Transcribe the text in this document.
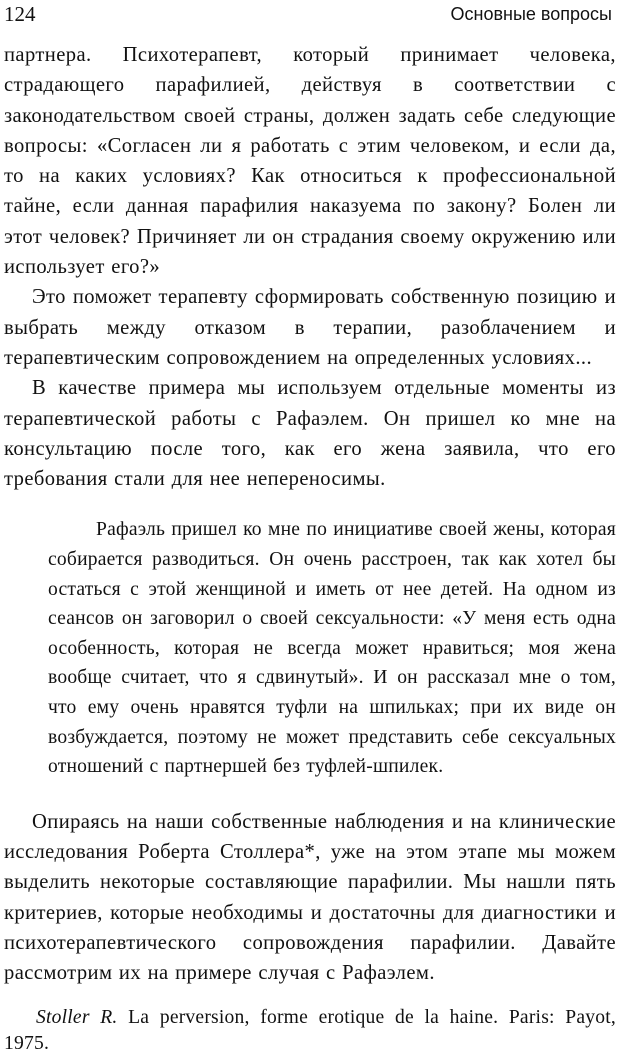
124	Основные вопросы

партнера. Психотерапевт, который принимает человека, страдающего парафилией, действуя в соответствии с законодательством своей страны, должен задать себе следующие вопросы: «Согласен ли я работать с этим человеком, и если да, то на каких условиях? Как относиться к профессиональной тайне, если данная парафилия наказуема по закону? Болен ли этот человек? Причиняет ли он страдания своему окружению или использует его?»

Это поможет терапевту сформировать собственную позицию и выбрать между отказом в терапии, разоблачением и терапевтическим сопровождением на определенных условиях...

В качестве примера мы используем отдельные моменты из терапевтической работы с Рафаэлем. Он пришел ко мне на консультацию после того, как его жена заявила, что его требования стали для нее непереносимы.

Рафаэль пришел ко мне по инициативе своей жены, которая собирается разводиться. Он очень расстроен, так как хотел бы остаться с этой женщиной и иметь от нее детей. На одном из сеансов он заговорил о своей сексуальности: «У меня есть одна особенность, которая не всегда может нравиться; моя жена вообще считает, что я сдвинутый». И он рассказал мне о том, что ему очень нравятся туфли на шпильках; при их виде он возбуждается, поэтому не может представить себе сексуальных отношений с партнершей без туфлей-шпилек.

Опираясь на наши собственные наблюдения и на клинические исследования Роберта Столлера*, уже на этом этапе мы можем выделить некоторые составляющие парафилии. Мы нашли пять критериев, которые необходимы и достаточны для диагностики и психотерапевтического сопровождения парафилии. Давайте рассмотрим их на примере случая с Рафаэлем.

Stoller R. La perversion, forme erotique de la haine. Paris: Payot, 1975.
